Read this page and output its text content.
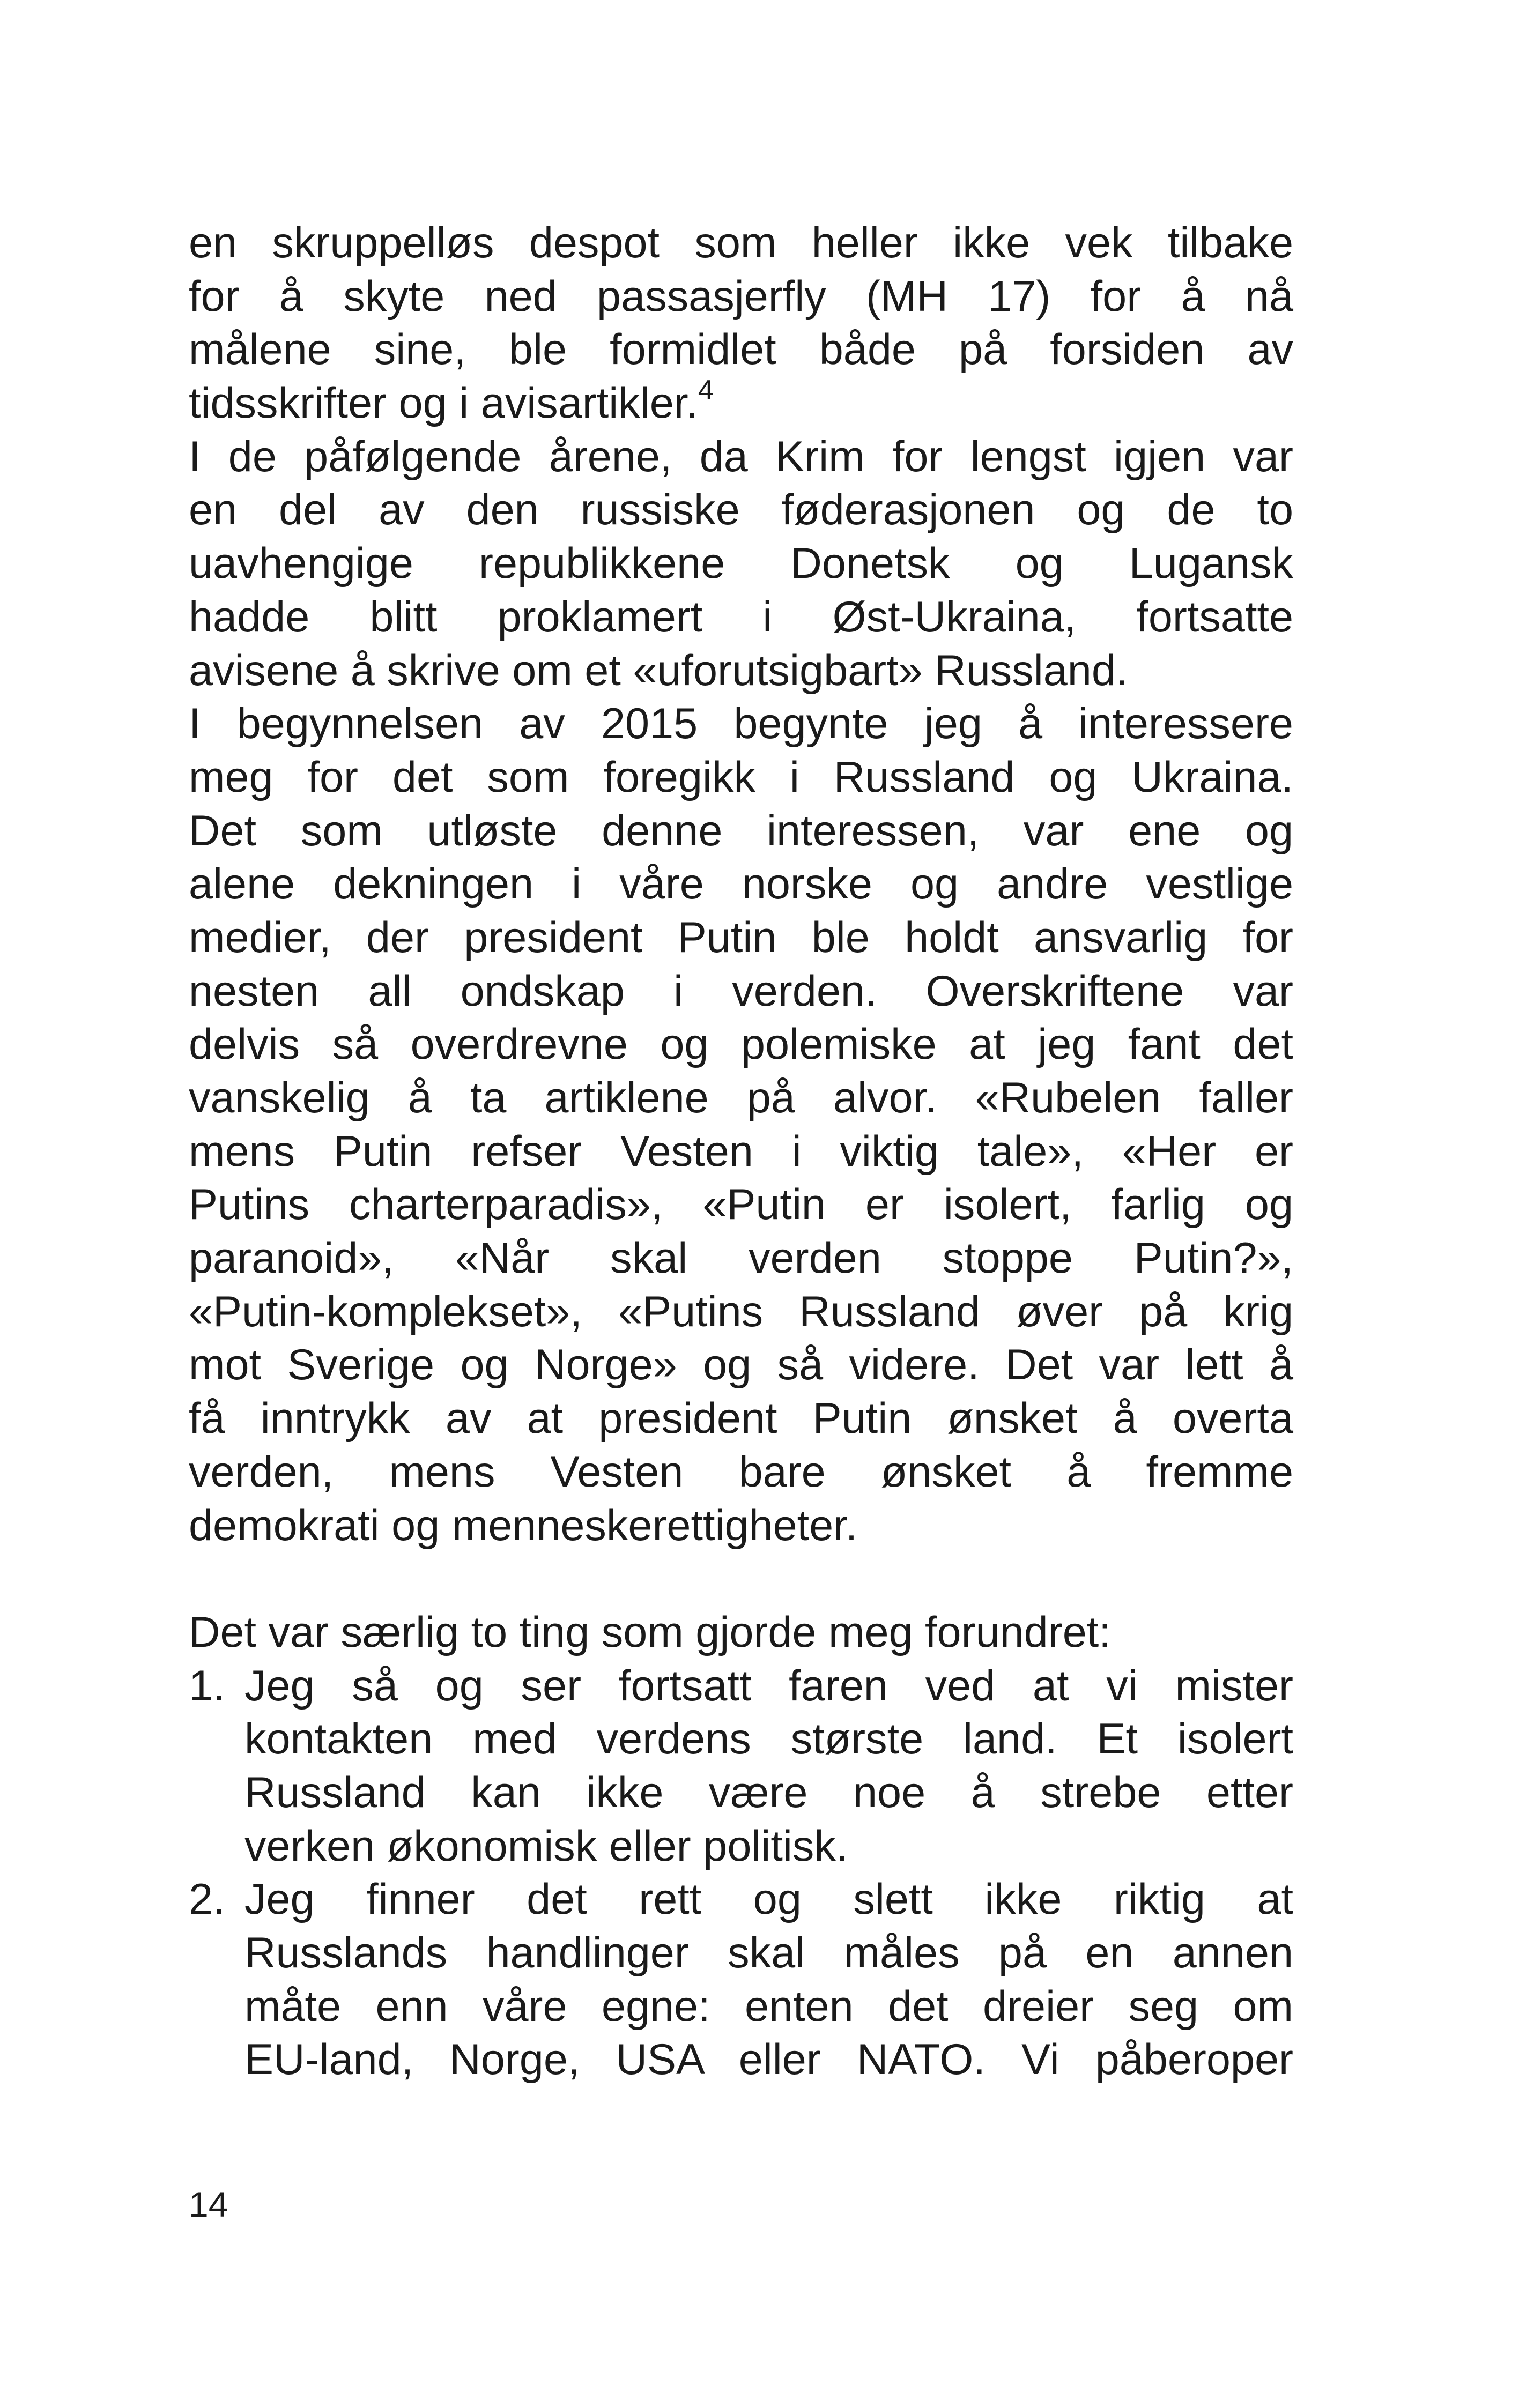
en skruppelløs despot som heller ikke vek tilbake
for å skyte ned passasjerfly (MH 17) for å nå
målene sine, ble formidlet både på forsiden av
tidsskrifter og i avisartikler.$^4$
I de påfølgende årene, da Krim for lengst igjen var
en del av den russiske føderasjonen og de to
uavhengige republikkene Donetsk og Lugansk
hadde blitt proklamert i Øst-Ukraina, fortsatte
avisene å skrive om et «uforutsigbart» Russland.
I begynnelsen av 2015 begynte jeg å interessere
meg for det som foregikk i Russland og Ukraina.
Det som utløste denne interessen, var ene og
alene dekningen i våre norske og andre vestlige
medier, der president Putin ble holdt ansvarlig for
nesten all ondskap i verden. Overskriftene var
delvis så overdrevne og polemiske at jeg fant det
vanskelig å ta artiklene på alvor. «Rubelen faller
mens Putin refser Vesten i viktig tale», «Her er
Putins charterparadis», «Putin er isolert, farlig og
paranoid», «Når skal verden stoppe Putin?»,
«Putin-komplekset», «Putins Russland øver på krig
mot Sverige og Norge» og så videre. Det var lett å
få inntrykk av at president Putin ønsket å overta
verden, mens Vesten bare ønsket å fremme
demokrati og menneskerettigheter.
Det var særlig to ting som gjorde meg forundret:
1. Jeg så og ser fortsatt faren ved at vi mister
kontakten med verdens største land. Et isolert
Russland kan ikke være noe å strebe etter
verken økonomisk eller politisk.
2. Jeg finner det rett og slett ikke riktig at
Russlands handlinger skal måles på en annen
måte enn våre egne: enten det dreier seg om
EU-land, Norge, USA eller NATO. Vi påberoper
14
